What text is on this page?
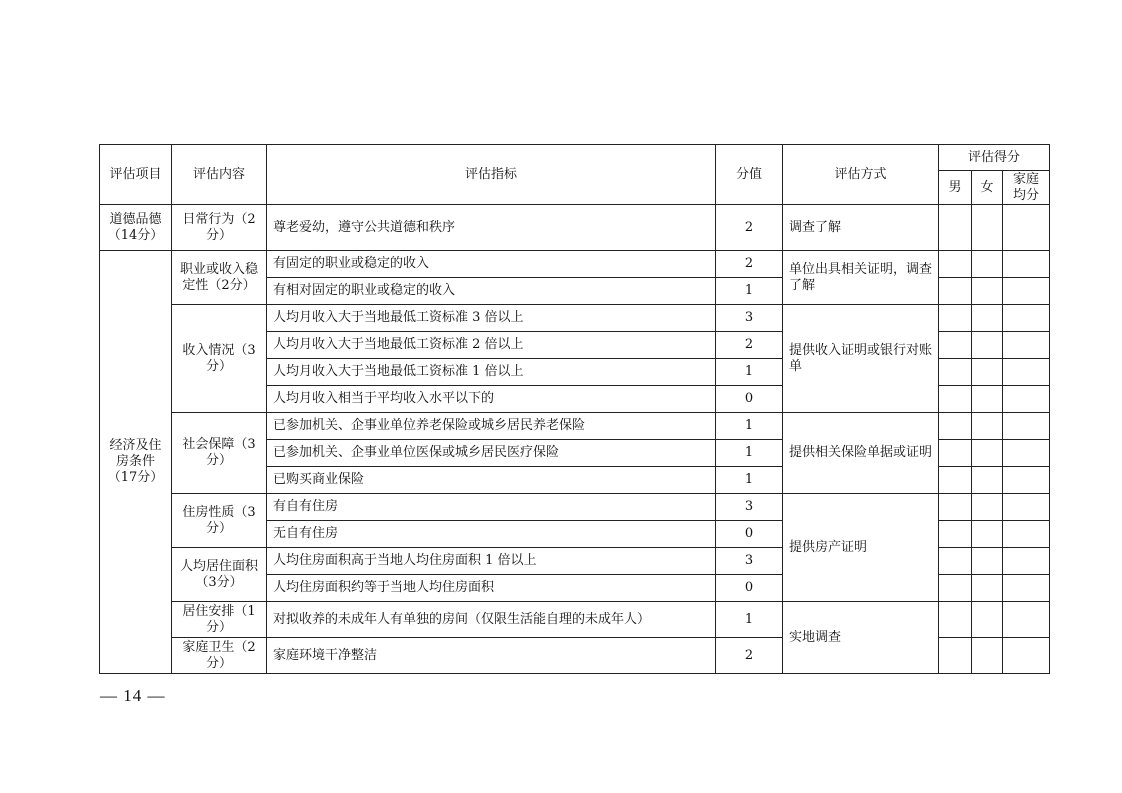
评估项目	评估内容	评估指标	分值	评估方式	评估得分		
					男	女	家庭均分
道德品德（14分）	日常行为（2分）	尊老爱幼，遵守公共道德和秩序	2	调查了解			
经济及住房条件（17分）	职业或收入稳定性（2分）	有固定的职业或稳定的收入	2	单位出具相关证明，调查了解			
		有相对固定的职业或稳定的收入	1				
	收入情况（3分）	人均月收入大于当地最低工资标准 3 倍以上	3	提供收入证明或银行对账单			
		人均月收入大于当地最低工资标准 2 倍以上	2				
		人均月收入大于当地最低工资标准 1 倍以上	1				
		人均月收入相当于平均收入水平以下的	0				
	社会保障（3分）	已参加机关、企事业单位养老保险或城乡居民养老保险	1	提供相关保险单据或证明			
		已参加机关、企事业单位医保或城乡居民医疗保险	1				
		已购买商业保险	1				
	住房性质（3分）	有自有住房	3	提供房产证明			
		无自有住房	0				
	人均居住面积（3分）	人均住房面积高于当地人均住房面积 1 倍以上	3				
		人均住房面积约等于当地人均住房面积	0				
	居住安排（1分）	对拟收养的未成年人有单独的房间（仅限生活能自理的未成年人）	1	实地调查			
	家庭卫生（2分）	家庭环境干净整洁	2				
— 14 —
